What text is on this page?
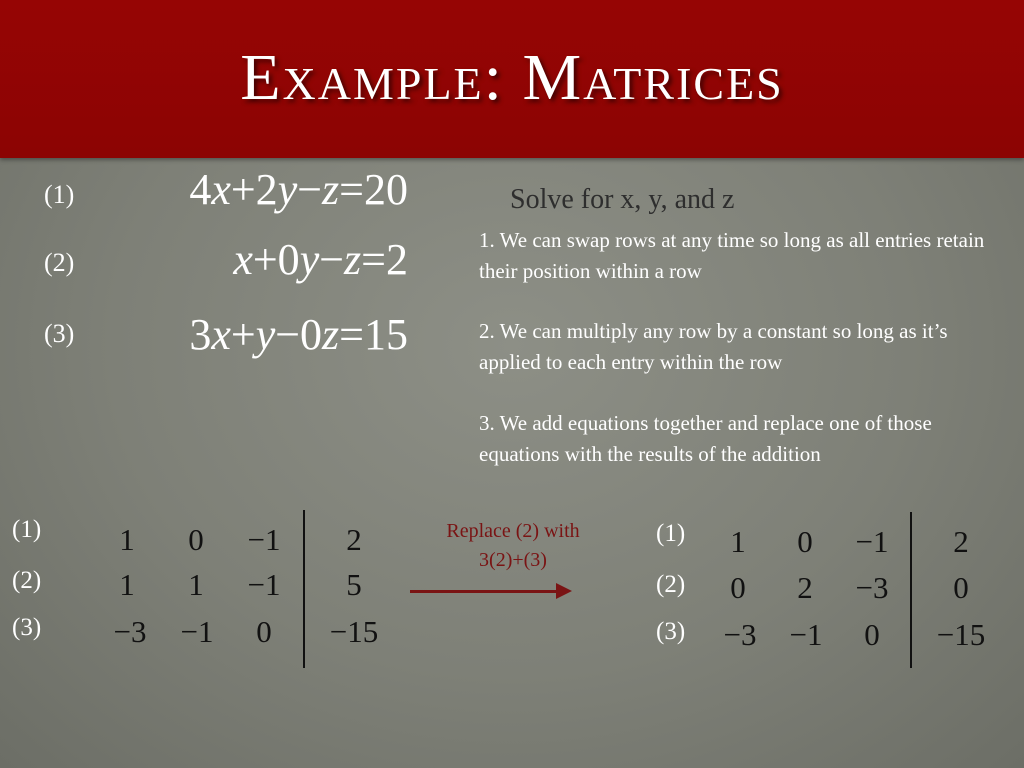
Example: Matrices
(1)
(2)
(3)
4x+2y−z=20
x+0y−z=2
3x+y−0z=15
Solve for x, y, and z
1. We can swap rows at any time so long as all entries retain their position within a row
2. We can multiply any row by a constant so long as it’s applied to each entry within the row
3. We add equations together and replace one of those equations with the results of the addition
(1)
(2)
(3)
1	0	−1	2
1	1	−1	5
−3	−1	0	−15
Replace (2) with
3(2)+(3)
(1)
(2)
(3)
1	0	−1	2
0	2	−3	0
−3	−1	0	−15
